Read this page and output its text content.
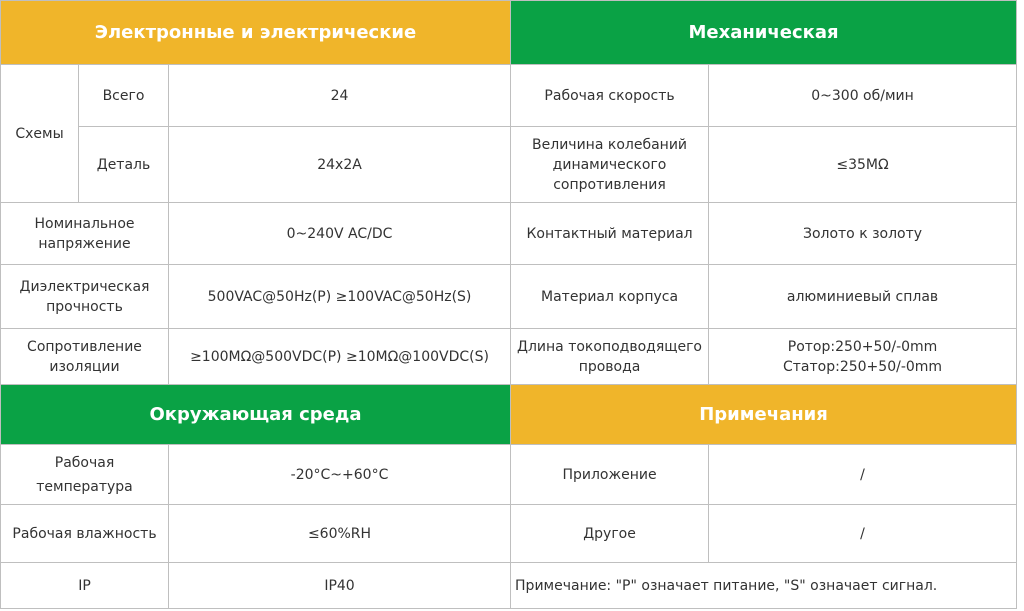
Электронные и электрические			Механическая	
Схемы	Всего	24	Рабочая скорость	0~300 об/мин
	Деталь	24x2A	Величина колебаний динамического сопротивления	≤35MΩ

Номинальное напряжение		0~240V AC/DC	Контактный материал	Золото к золоту

Диэлектрическая прочность		500VAC@50Hz(P) ≥100VAC@50Hz(S)	Материал корпуса	алюминиевый сплав

Сопротивление изоляции		≥100MΩ@500VDC(P) ≥10MΩ@100VDC(S)	Длина токоподводящего провода	Ротор:250+50/-0mm
Статор:250+50/-0mm

Окружающая среда			Примечания	
Рабочая температура		-20°C~+60°C	Приложение	/
Рабочая влажность		≤60%RH	Другое	/
IP		IP40	Примечание: "P" означает питание, "S" означает сигнал.	
